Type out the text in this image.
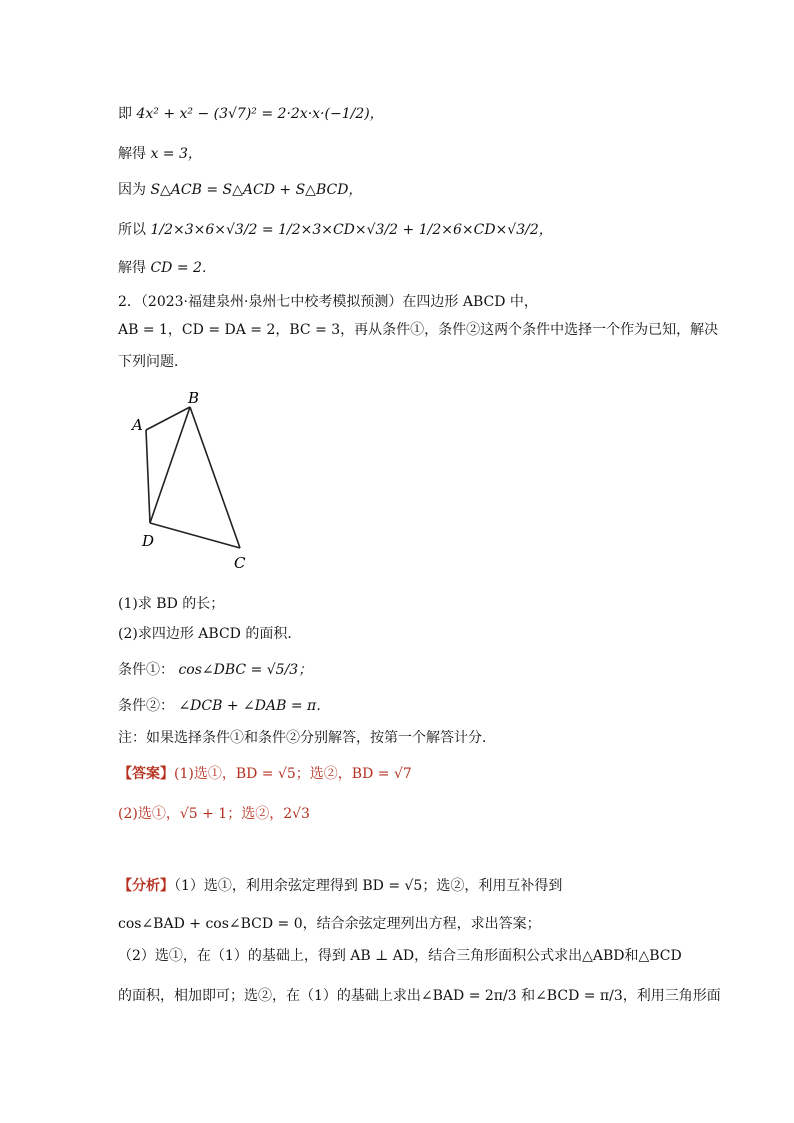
即 4x² + x² − (3√7)² = 2·2x·x·(−1/2)，
解得 x = 3，
因为 S△ACB = S△ACD + S△BCD，
所以 1/2×3×6×√3/2 = 1/2×3×CD×√3/2 + 1/2×6×CD×√3/2，
解得 CD = 2．
2．（2023·福建泉州·泉州七中校考模拟预测）在四边形 ABCD 中，
AB = 1，CD = DA = 2，BC = 3，再从条件①，条件②这两个条件中选择一个作为已知，解决
下列问题．
A
B
C
D
(1)求 BD 的长；
(2)求四边形 ABCD 的面积．
条件①： cos∠DBC = √5/3；
条件②： ∠DCB + ∠DAB = π．
注：如果选择条件①和条件②分别解答，按第一个解答计分．
【答案】(1)选①，BD = √5；选②，BD = √7
(2)选①，√5 + 1；选②，2√3
【分析】（1）选①，利用余弦定理得到 BD = √5；选②，利用互补得到
cos∠BAD + cos∠BCD = 0，结合余弦定理列出方程，求出答案；
（2）选①，在（1）的基础上，得到 AB ⊥ AD，结合三角形面积公式求出△ABD和△BCD
的面积，相加即可；选②，在（1）的基础上求出∠BAD = 2π/3 和∠BCD = π/3，利用三角形面
